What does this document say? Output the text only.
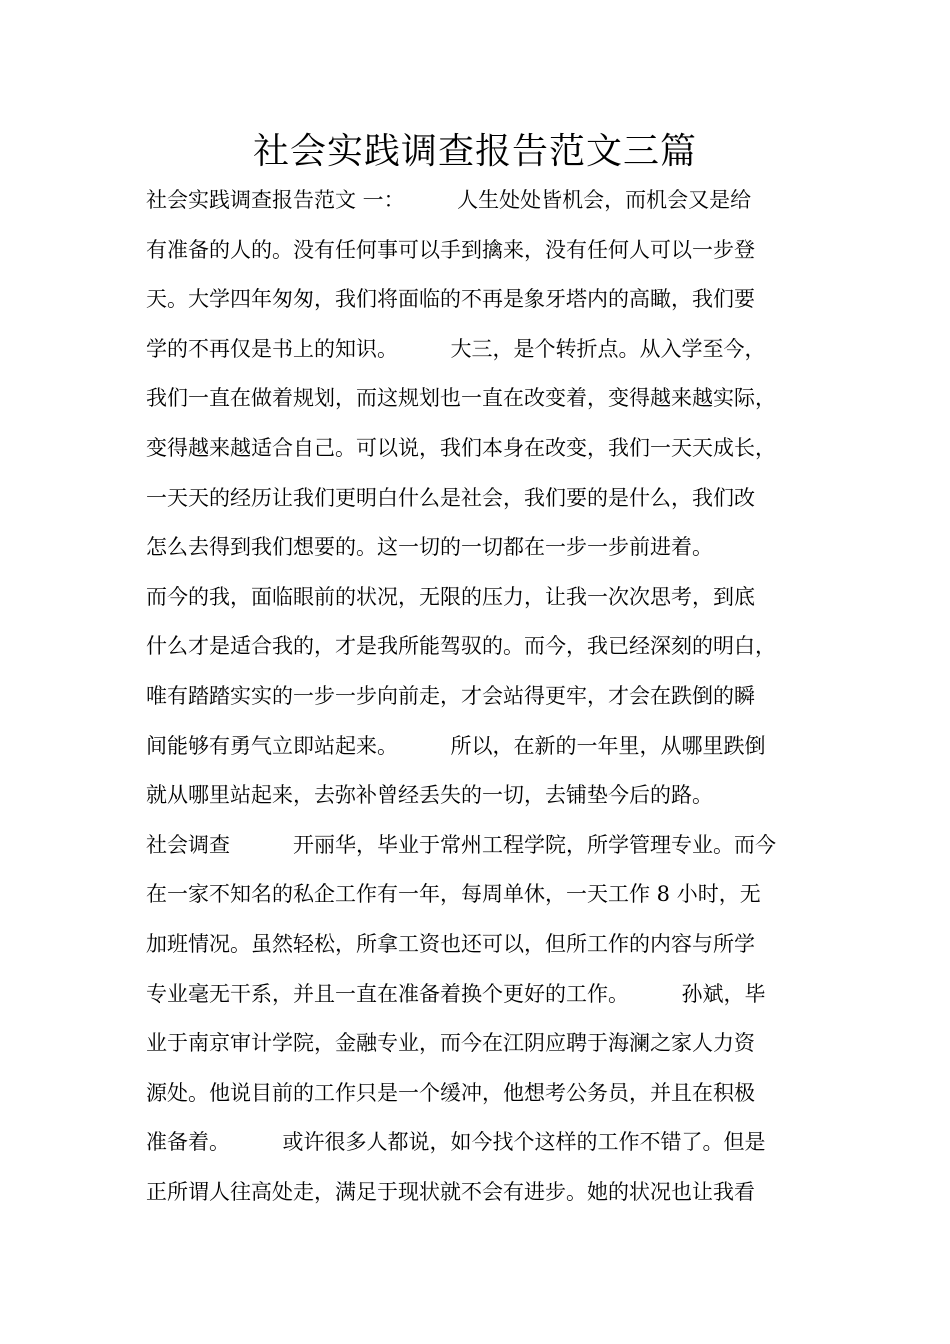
社会实践调查报告范文三篇
社会实践调查报告范文 一：　　　人生处处皆机会，而机会又是给
有准备的人的。没有任何事可以手到擒来，没有任何人可以一步登
天。大学四年匆匆，我们将面临的不再是象牙塔内的高瞰，我们要
学的不再仅是书上的知识。　　　大三，是个转折点。从入学至今，
我们一直在做着规划，而这规划也一直在改变着，变得越来越实际，
变得越来越适合自己。可以说，我们本身在改变，我们一天天成长，
一天天的经历让我们更明白什么是社会，我们要的是什么，我们改
怎么去得到我们想要的。这一切的一切都在一步一步前进着。
而今的我，面临眼前的状况，无限的压力，让我一次次思考，到底
什么才是适合我的，才是我所能驾驭的。而今，我已经深刻的明白，
唯有踏踏实实的一步一步向前走，才会站得更牢，才会在跌倒的瞬
间能够有勇气立即站起来。　　　所以，在新的一年里，从哪里跌倒
就从哪里站起来，去弥补曾经丢失的一切，去铺垫今后的路。
社会调查　　　开丽华，毕业于常州工程学院，所学管理专业。而今
在一家不知名的私企工作有一年，每周单休，一天工作 8 小时，无
加班情况。虽然轻松，所拿工资也还可以，但所工作的内容与所学
专业毫无干系，并且一直在准备着换个更好的工作。　　　孙斌，毕
业于南京审计学院，金融专业，而今在江阴应聘于海澜之家人力资
源处。他说目前的工作只是一个缓冲，他想考公务员，并且在积极
准备着。　　　或许很多人都说，如今找个这样的工作不错了。但是
正所谓人往高处走，满足于现状就不会有进步。她的状况也让我看
